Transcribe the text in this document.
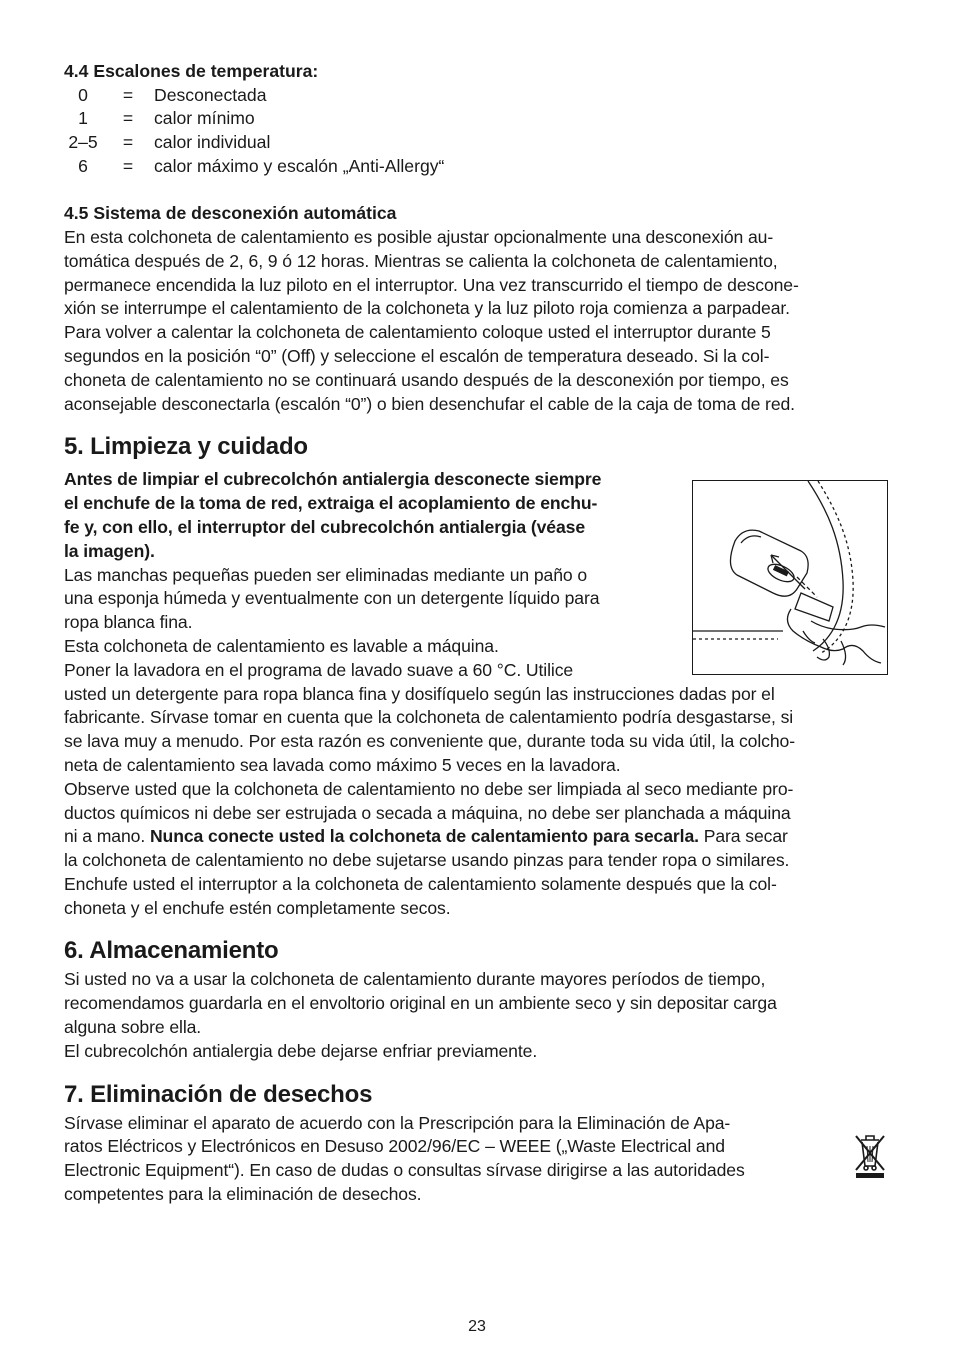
4.4 Escalones de temperatura:

0	=	Desconectada
1	=	calor mínimo
2–5	=	calor individual
6	=	calor máximo y escalón „Anti-Allergy“

4.5 Sistema de desconexión automática

En esta colchoneta de calentamiento es posible ajustar opcionalmente una desconexión au-
tomática después de 2, 6, 9 ó 12 horas. Mientras se calienta la colchoneta de calentamiento,
permanece encendida la luz piloto en el interruptor. Una vez transcurrido el tiempo de descone-
xión se interrumpe el calentamiento de la colchoneta y la luz piloto roja comienza a parpadear.
Para volver a calentar la colchoneta de calentamiento coloque usted el interruptor durante 5
segundos en la posición “0” (Off) y seleccione el escalón de temperatura deseado. Si la col-
choneta de calentamiento no se continuará usando después de la desconexión por tiempo, es
aconsejable desconectarla (escalón “0”) o bien desenchufar el cable de la caja de toma de red.

5. Limpieza y cuidado

Antes de limpiar el cubrecolchón antialergia desconecte siempre
el enchufe de la toma de red, extraiga el acoplamiento de enchu-
fe y, con ello, el interruptor del cubrecolchón antialergia (véase
la imagen).

Las manchas pequeñas pueden ser eliminadas mediante un paño o
una esponja húmeda y eventualmente con un detergente líquido para
ropa blanca fina.
Esta colchoneta de calentamiento es lavable a máquina.
Poner la lavadora en el programa de lavado suave a 60 °C. Utilice
usted un detergente para ropa blanca fina y dosifíquelo según las instrucciones dadas por el
fabricante. Sírvase tomar en cuenta que la colchoneta de calentamiento podría desgastarse, si
se lava muy a menudo. Por esta razón es conveniente que, durante toda su vida útil, la colcho-
neta de calentamiento sea lavada como máximo 5 veces en la lavadora.
Observe usted que la colchoneta de calentamiento no debe ser limpiada al seco mediante pro-
ductos químicos ni debe ser estrujada o secada a máquina, no debe ser planchada a máquina
ni a mano. Nunca conecte usted la colchoneta de calentamiento para secarla. Para secar
la colchoneta de calentamiento no debe sujetarse usando pinzas para tender ropa o similares.
Enchufe usted el interruptor a la colchoneta de calentamiento solamente después que la col-
choneta y el enchufe estén completamente secos.

6. Almacenamiento

Si usted no va a usar la colchoneta de calentamiento durante mayores períodos de tiempo,
recomendamos guardarla en el envoltorio original en un ambiente seco y sin depositar carga
alguna sobre ella.
El cubrecolchón antialergia debe dejarse enfriar previamente.

7. Eliminación de desechos

Sírvase eliminar el aparato de acuerdo con la Prescripción para la Eliminación de Apa-
ratos Eléctricos y Electrónicos en Desuso 2002/96/EC – WEEE („Waste Electrical and
Electronic Equipment“). En caso de dudas o consultas sírvase dirigirse a las autoridades
competentes para la eliminación de desechos.

23
